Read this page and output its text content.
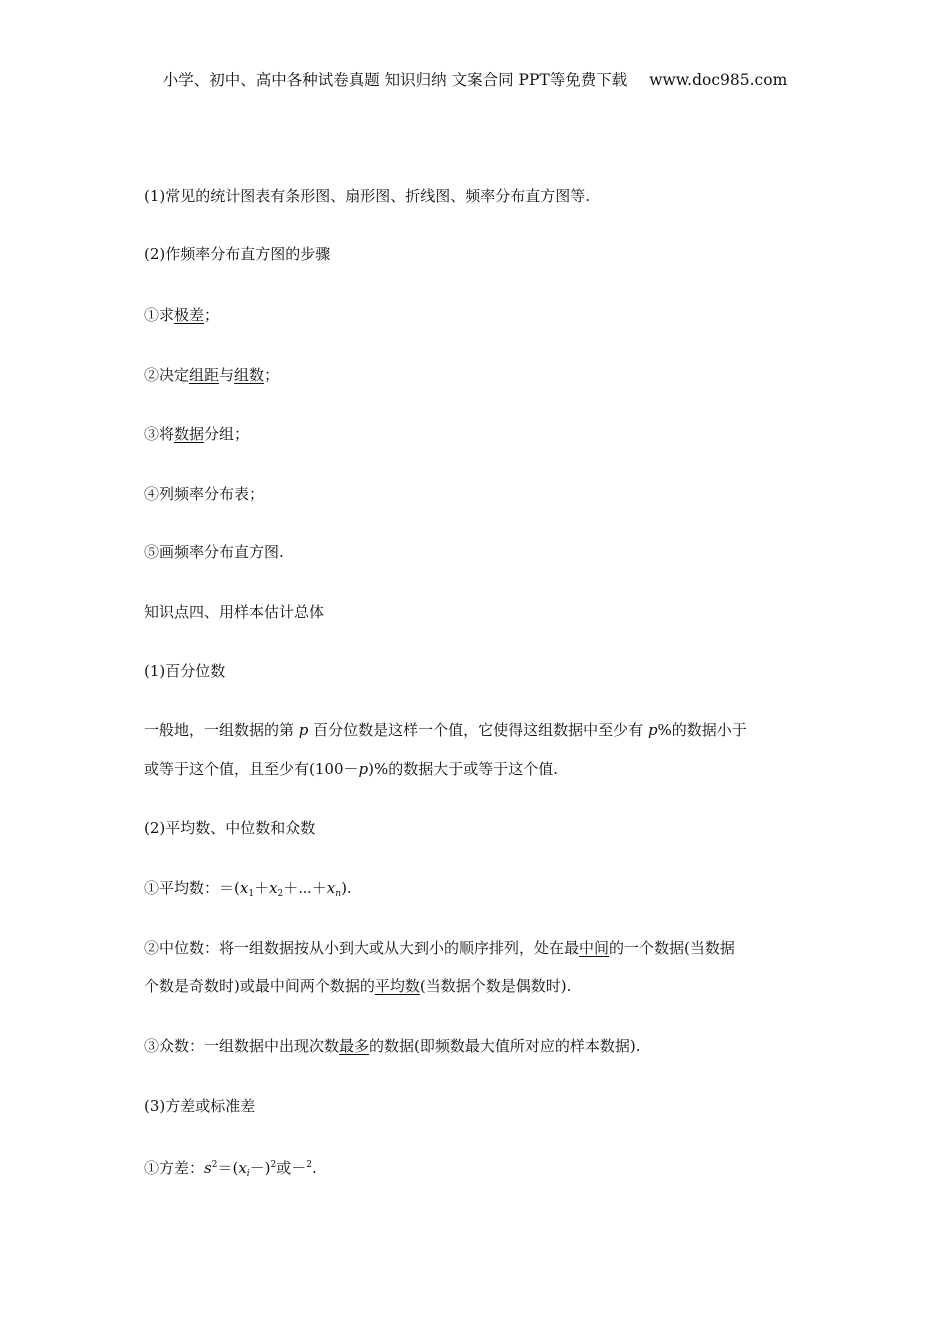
小学、初中、高中各种试卷真题 知识归纳 文案合同 PPT等免费下载 www.doc985.com
(1)常见的统计图表有条形图、扇形图、折线图、频率分布直方图等.
(2)作频率分布直方图的步骤
①求极差；
②决定组距与组数；
③将数据分组；
④列频率分布表；
⑤画频率分布直方图.
知识点四、用样本估计总体
(1)百分位数
一般地，一组数据的第 p 百分位数是这样一个值，它使得这组数据中至少有 p%的数据小于
或等于这个值，且至少有(100－p)%的数据大于或等于这个值.
(2)平均数、中位数和众数
①平均数：$=(x_1+x_2+\cdots+x_n)$.
②中位数：将一组数据按从小到大或从大到小的顺序排列，处在最中间的一个数据(当数据
个数是奇数时)或最中间两个数据的平均数(当数据个数是偶数时).
③众数：一组数据中出现次数最多的数据(即频数最大值所对应的样本数据).
(3)方差或标准差
①方差：$s^2=(x_i-)^2$或－$^2$.
